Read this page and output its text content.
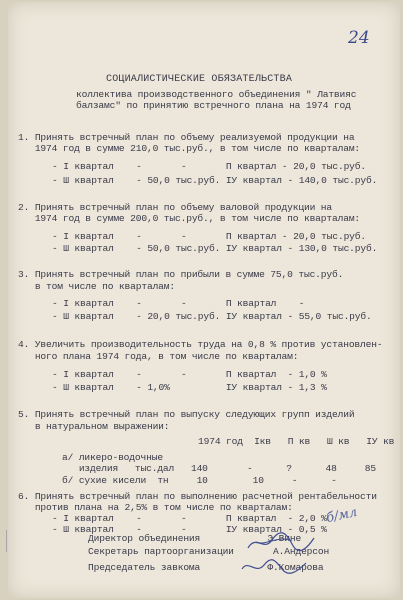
24
СОЦИАЛИСТИЧЕСКИЕ ОБЯЗАТЕЛЬСТВА
коллектива производственного объединения " Латвияс
балзамс" по принятию встречного плана на 1974 год
1. Принять встречный план по объему реализуемой продукции на
1974 год в сумме 210,0 тыс.руб., в том числе по кварталам:
- I квартал    -       -       П квартал - 20,0 тыс.руб.
- Ш квартал    - 50,0 тыс.руб. IУ квартал - 140,0 тыс.руб.
2. Принять встречный план по объему валовой продукции на
1974 год в сумме 200,0 тыс.руб., в том числе по кварталам:
- I квартал    -       -       П квартал - 20,0 тыс.руб.
- Ш квартал    - 50,0 тыс.руб. IУ квартал - 130,0 тыс.руб.
3. Принять встречный план по прибыли в сумме 75,0 тыс.руб.
в том числе по кварталам:
- I квартал    -       -       П квартал    -
- Ш квартал    - 20,0 тыс.руб. IУ квартал - 55,0 тыс.руб.
4. Увеличить производительность труда на 0,8 % против установлен-
ного плана 1974 года, в том числе по кварталам:
- I квартал    -       -       П квартал  - 1,0 %
- Ш квартал    - 1,0%          IУ квартал - 1,3 %
5. Принять встречный план по выпуску следующих групп изделий
в натуральном выражении:
1974 год  Iкв   П кв   Ш кв   IУ кв
а/ ликеро-водочные
изделия   тыс.дал   140       -      ?      48     85
б/ сухие кисели  тн     10        10     -      -
6. Принять встречный план по выполнению расчетной рентабельности
против плана на 2,5% в том числе по кварталам:
- I квартал    -       -       П квартал  - 2,0 %
- Ш квартал    -       -       IУ квартал - 0,5 %
Директор объединения            Э.Вине
Секретарь партоорганизации       А.Андерсон
Председатель завкома            Ф.Комарова
б/мл
